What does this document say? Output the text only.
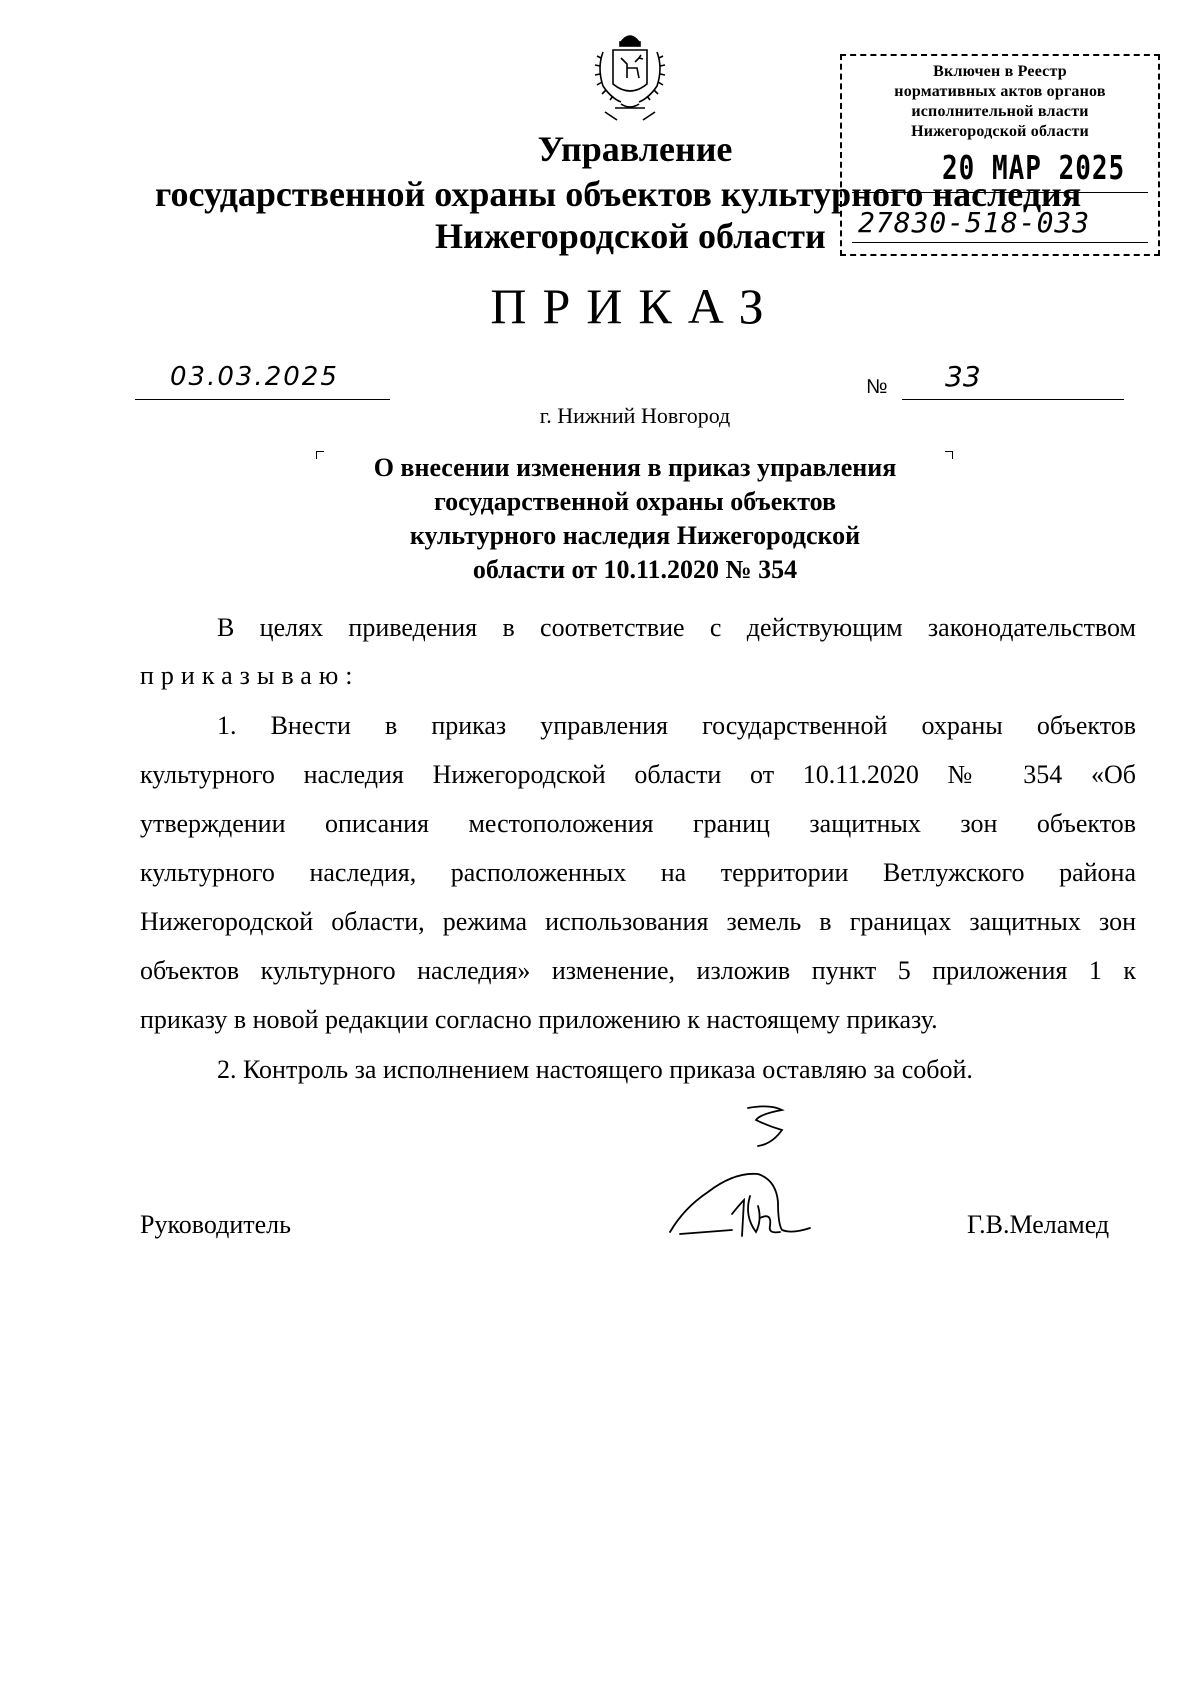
Управление
государственной охраны объектов культурного наследия
Нижегородской области
Включен в Реестр
нормативных актов органов
исполнительной власти
Нижегородской области
20 МАР 2025
27830-518-033
ПРИКАЗ
03.03.2025	№ 33
г. Нижний Новгород
О внесении изменения в приказ управления
государственной охраны объектов
культурного наследия Нижегородской
области от 10.11.2020 № 354
В целях приведения в соответствие с действующим законодательством
приказываю:
1. Внести в приказ управления государственной охраны объектов
культурного наследия Нижегородской области от 10.11.2020 № 354 «Об
утверждении описания местоположения границ защитных зон объектов
культурного наследия, расположенных на территории Ветлужского района
Нижегородской области, режима использования земель в границах защитных зон
объектов культурного наследия» изменение, изложив пункт 5 приложения 1 к
приказу в новой редакции согласно приложению к настоящему приказу.
2. Контроль за исполнением настоящего приказа оставляю за собой.
Руководитель	Г.В.Меламед
